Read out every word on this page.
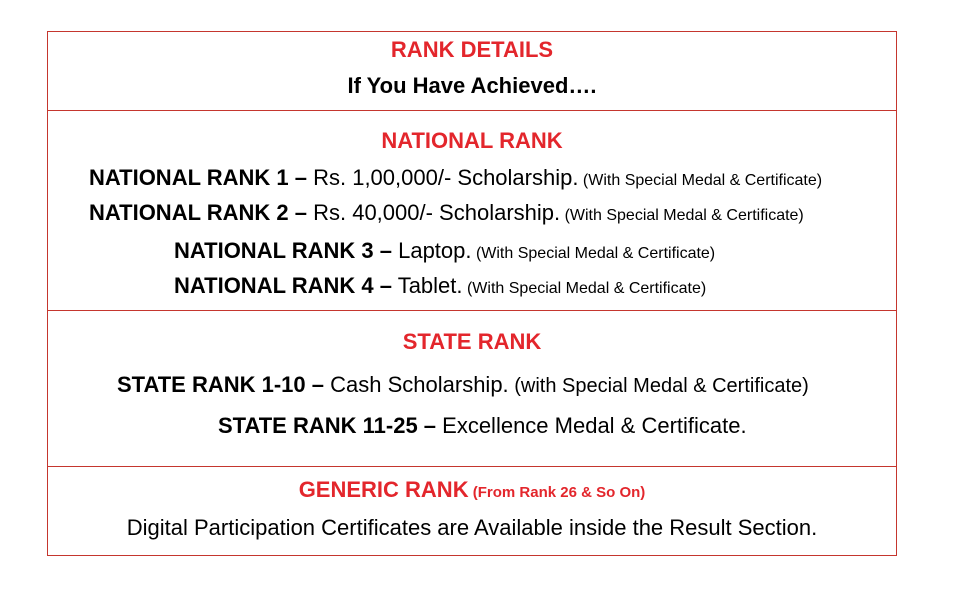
RANK DETAILS
If You Have Achieved….
NATIONAL RANK
NATIONAL RANK 1 – Rs. 1,00,000/- Scholarship. (With Special Medal & Certificate)
NATIONAL RANK 2 – Rs. 40,000/- Scholarship. (With Special Medal & Certificate)
NATIONAL RANK 3 – Laptop. (With Special Medal & Certificate)
NATIONAL RANK 4 – Tablet. (With Special Medal & Certificate)
STATE RANK
STATE RANK 1-10 – Cash Scholarship. (with Special Medal & Certificate)
STATE RANK 11-25 – Excellence Medal & Certificate.
GENERIC RANK (From Rank 26 & So On)
Digital Participation Certificates are Available inside the Result Section.
